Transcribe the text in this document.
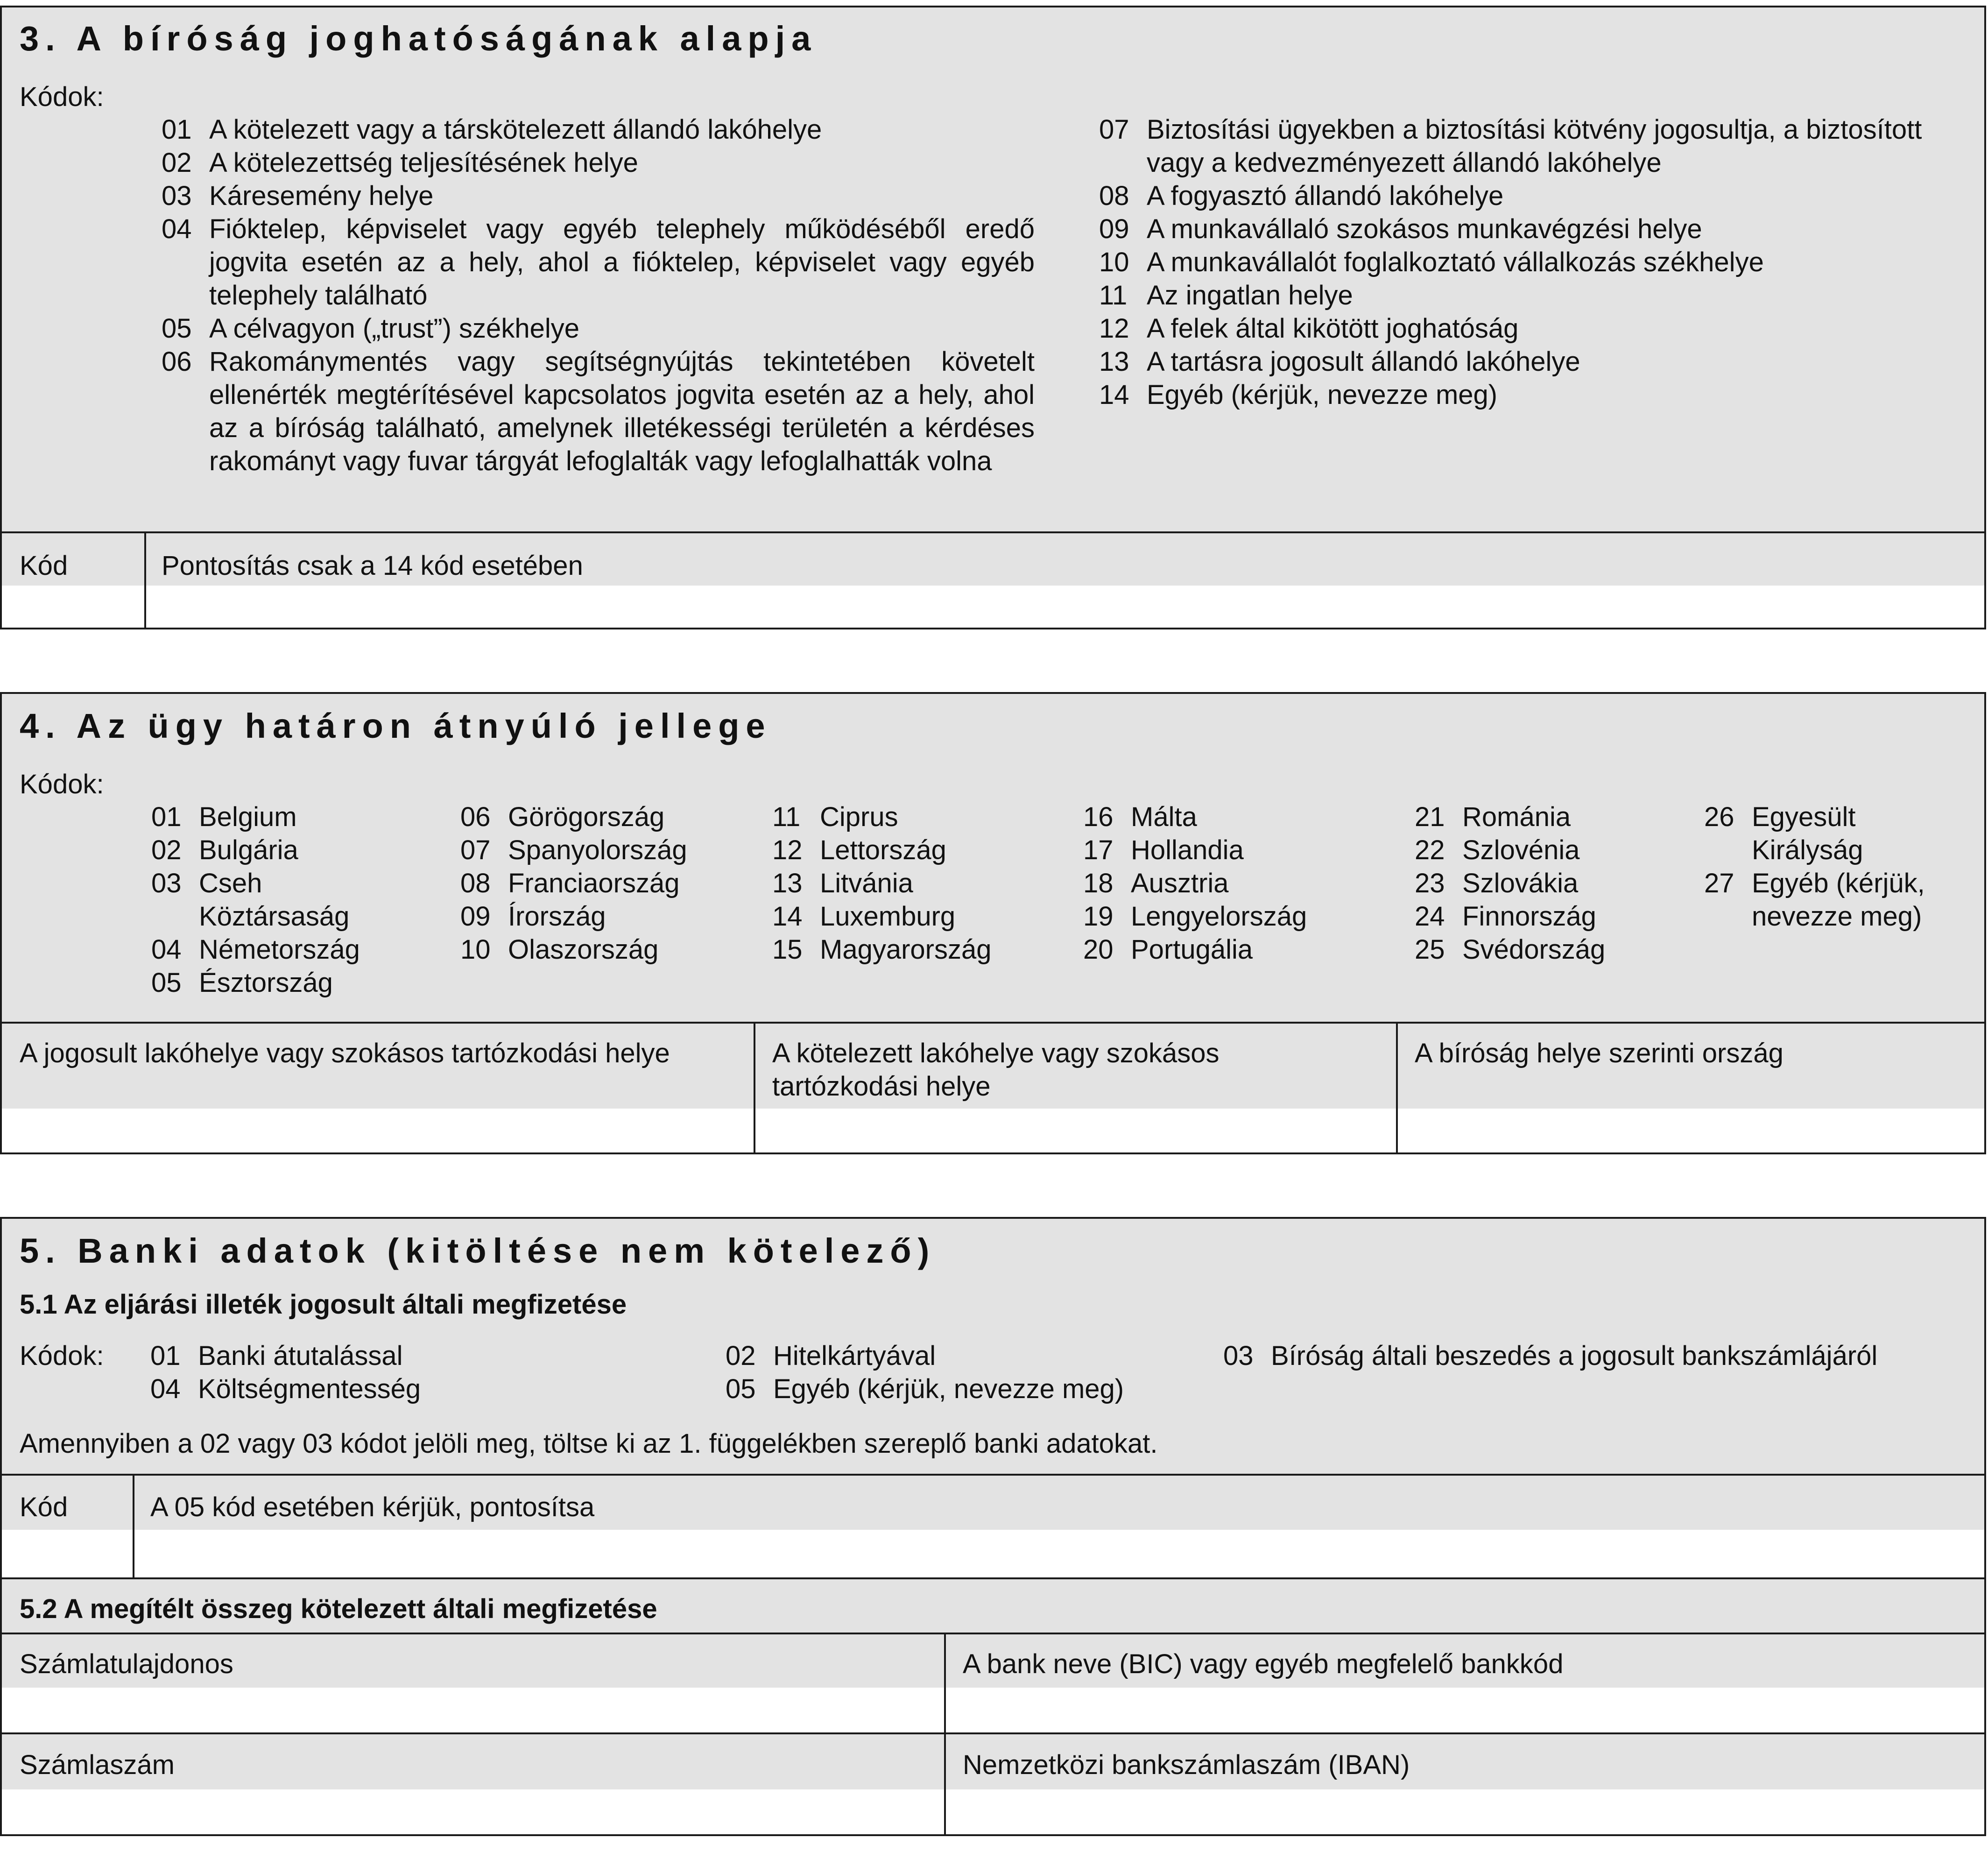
3. A bíróság joghatóságának alapja
Kódok:
01 A kötelezett vagy a társkötelezett állandó lakóhelye
02 A kötelezettség teljesítésének helye
03 Káresemény helye
04 Fióktelep, képviselet vagy egyéb telephely működéséből eredő jogvita esetén az a hely, ahol a fióktelep, képviselet vagy egyéb telephely található
05 A célvagyon („trust”) székhelye
06 Rakománymentés vagy segítségnyújtás tekintetében követelt ellenérték megtérítésével kapcsolatos jogvita esetén az a hely, ahol az a bíróság található, amelynek illetékességi területén a kérdéses rakományt vagy fuvar tárgyát lefoglalták vagy lefoglalhatták volna
07 Biztosítási ügyekben a biztosítási kötvény jogosultja, a biztosított vagy a kedvezményezett állandó lakóhelye
08 A fogyasztó állandó lakóhelye
09 A munkavállaló szokásos munkavégzési helye
10 A munkavállalót foglalkoztató vállalkozás székhelye
11 Az ingatlan helye
12 A felek által kikötött joghatóság
13 A tartásra jogosult állandó lakóhelye
14 Egyéb (kérjük, nevezze meg)
Kód	Pontosítás csak a 14 kód esetében
4. Az ügy határon átnyúló jellege
Kódok:
01 Belgium
02 Bulgária
03 Cseh Köztársaság
04 Németország
05 Észtország
06 Görögország
07 Spanyolország
08 Franciaország
09 Írország
10 Olaszország
11 Ciprus
12 Lettország
13 Litvánia
14 Luxemburg
15 Magyarország
16 Málta
17 Hollandia
18 Ausztria
19 Lengyelország
20 Portugália
21 Románia
22 Szlovénia
23 Szlovákia
24 Finnország
25 Svédország
26 Egyesült Királyság
27 Egyéb (kérjük, nevezze meg)
A jogosult lakóhelye vagy szokásos tartózkodási helye	A kötelezett lakóhelye vagy szokásos tartózkodási helye
A bíróság helye szerinti ország
5. Banki adatok (kitöltése nem kötelező)
5.1 Az eljárási illeték jogosult általi megfizetése
Kódok: 01 Banki átutalással	02 Hitelkártyával	03 Bíróság általi beszedés a jogosult bankszámlájáról
04 Költségmentesség	05 Egyéb (kérjük, nevezze meg)
Amennyiben a 02 vagy 03 kódot jelöli meg, töltse ki az 1. függelékben szereplő banki adatokat.
Kód	A 05 kód esetében kérjük, pontosítsa
5.2 A megítélt összeg kötelezett általi megfizetése
Számlatulajdonos	A bank neve (BIC) vagy egyéb megfelelő bankkód
Számlaszám	Nemzetközi bankszámlaszám (IBAN)
